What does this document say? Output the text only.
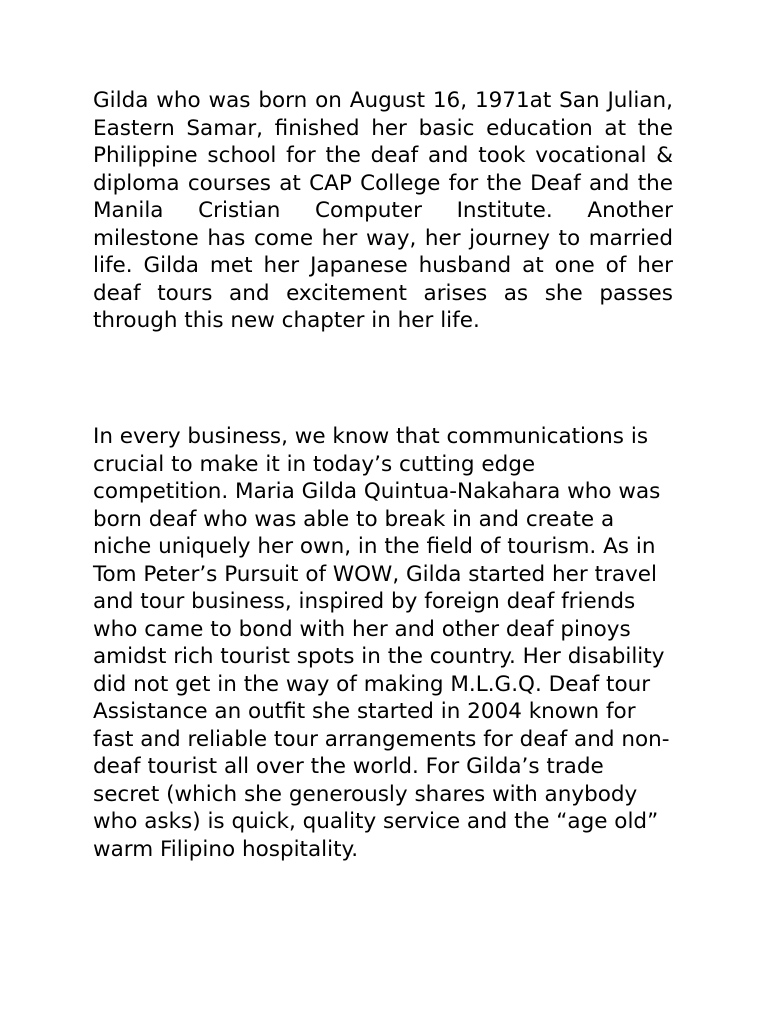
Gilda who was born on August 16, 1971at San Julian, Eastern Samar, finished her basic education at the Philippine school for the deaf and took vocational & diploma courses at CAP College for the Deaf and the Manila Cristian Computer Institute. Another milestone has come her way, her journey to married life. Gilda met her Japanese husband at one of her deaf tours and excitement arises as she passes through this new chapter in her life.

In every business, we know that communications is crucial to make it in today’s cutting edge competition. Maria Gilda Quintua-Nakahara who was born deaf who was able to break in and create a niche uniquely her own, in the field of tourism. As in Tom Peter’s Pursuit of WOW, Gilda started her travel and tour business, inspired by foreign deaf friends who came to bond with her and other deaf pinoys amidst rich tourist spots in the country. Her disability did not get in the way of making M.L.G.Q. Deaf tour Assistance an outfit she started in 2004 known for fast and reliable tour arrangements for deaf and non-deaf tourist all over the world. For Gilda’s trade secret (which she generously shares with anybody who asks) is quick, quality service and the “age old” warm Filipino hospitality.
